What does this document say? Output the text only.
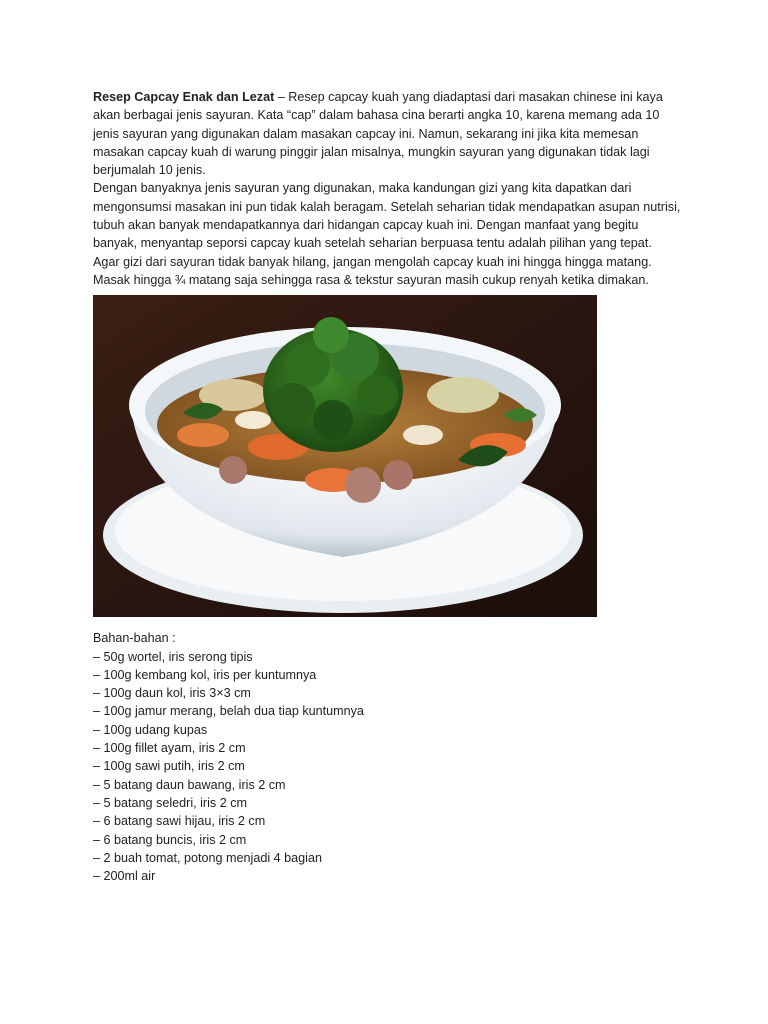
Resep Capcay Enak dan Lezat – Resep capcay kuah yang diadaptasi dari masakan chinese ini kaya akan berbagai jenis sayuran. Kata “cap” dalam bahasa cina berarti angka 10, karena memang ada 10 jenis sayuran yang digunakan dalam masakan capcay ini. Namun, sekarang ini jika kita memesan masakan capcay kuah di warung pinggir jalan misalnya, mungkin sayuran yang digunakan tidak lagi berjumalah 10 jenis.

Dengan banyaknya jenis sayuran yang digunakan, maka kandungan gizi yang kita dapatkan dari mengonsumsi masakan ini pun tidak kalah beragam. Setelah seharian tidak mendapatkan asupan nutrisi, tubuh akan banyak mendapatkannya dari hidangan capcay kuah ini. Dengan manfaat yang begitu banyak, menyantap seporsi capcay kuah setelah seharian berpuasa tentu adalah pilihan yang tepat.

Agar gizi dari sayuran tidak banyak hilang, jangan mengolah capcay kuah ini hingga hingga matang. Masak hingga ¾ matang saja sehingga rasa & tekstur sayuran masih cukup renyah ketika dimakan.

Bahan-bahan :

– 50g wortel, iris serong tipis
– 100g kembang kol, iris per kuntumnya
– 100g daun kol, iris 3×3 cm
– 100g jamur merang, belah dua tiap kuntumnya
– 100g udang kupas
– 100g fillet ayam, iris 2 cm
– 100g sawi putih, iris 2 cm
– 5 batang daun bawang, iris 2 cm
– 5 batang seledri, iris 2 cm
– 6 batang sawi hijau, iris 2 cm
– 6 batang buncis, iris 2 cm
– 2 buah tomat, potong menjadi 4 bagian
– 200ml air
